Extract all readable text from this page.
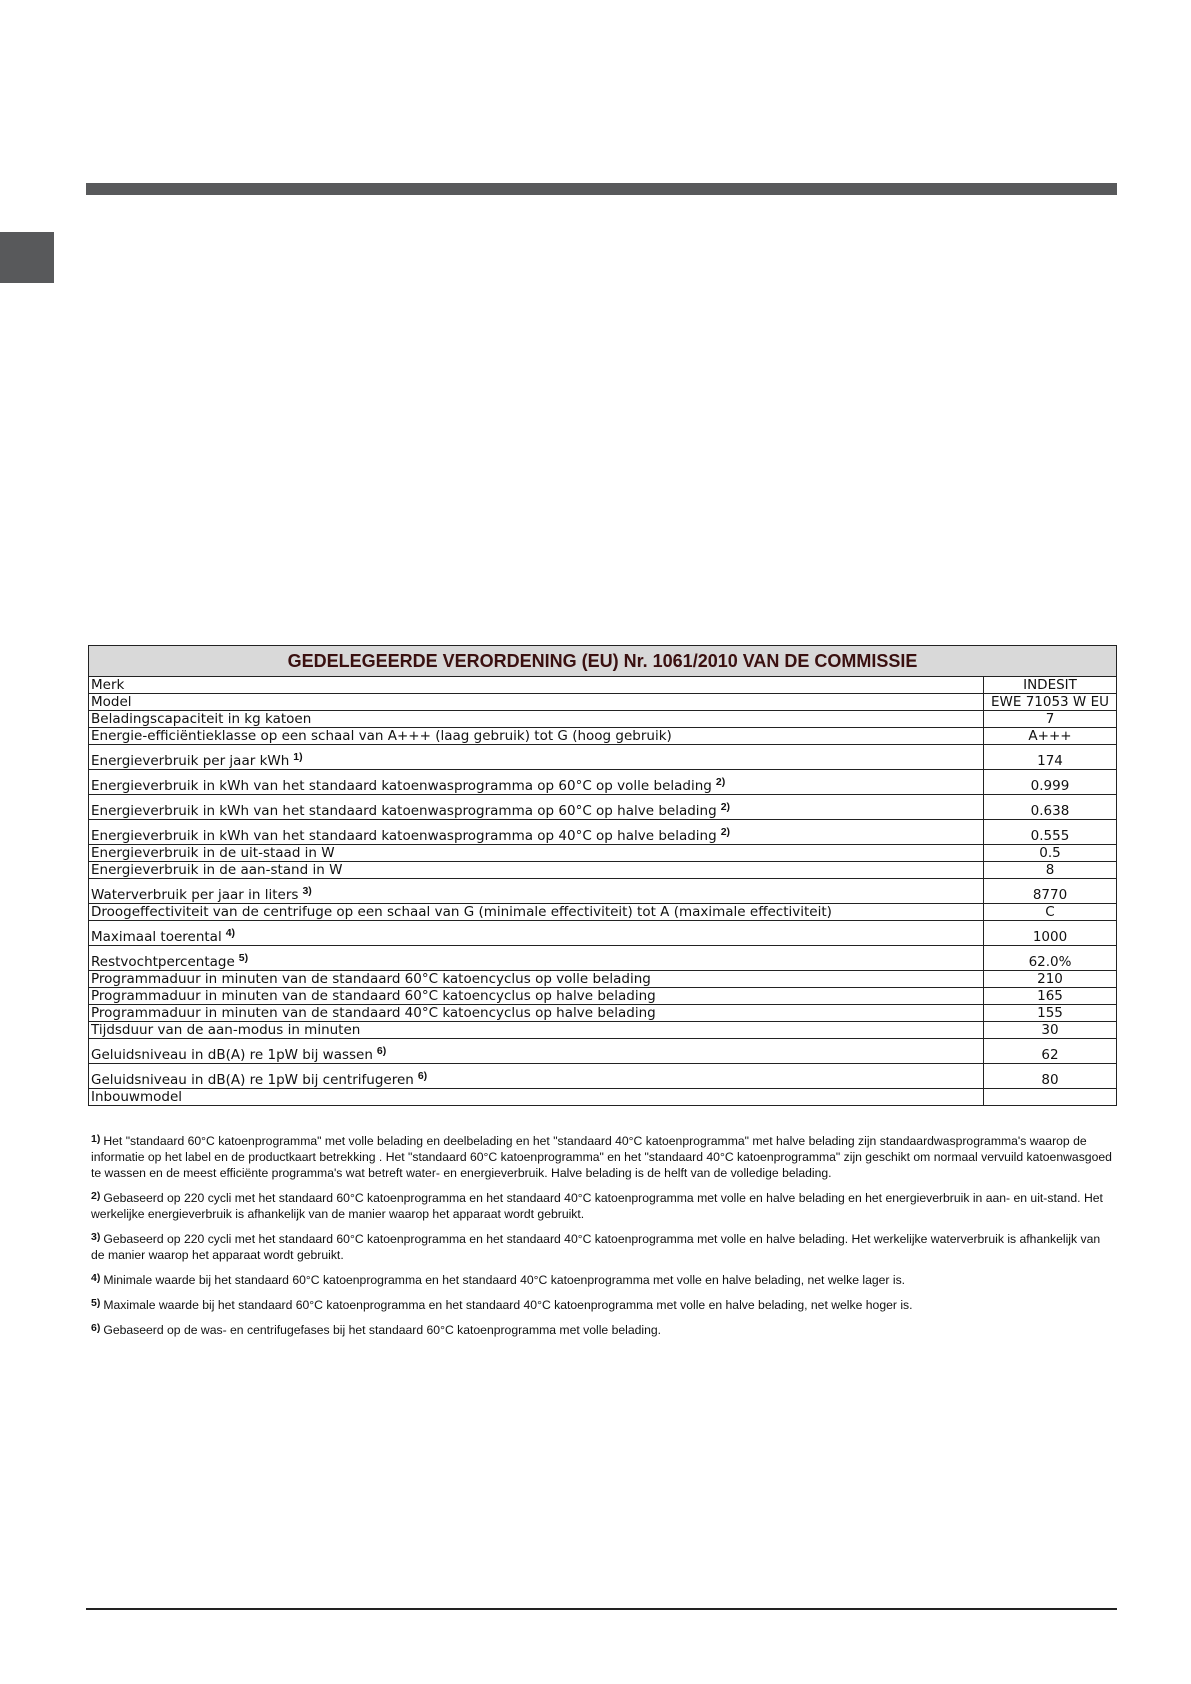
GEDELEGEERDE VERORDENING (EU) Nr. 1061/2010 VAN DE COMMISSIE	
Merk	INDESIT
Model	EWE 71053 W EU
Beladingscapaciteit in kg katoen	7
Energie-efficiëntieklasse op een schaal van A+++ (laag gebruik) tot G (hoog gebruik)	A+++
Energieverbruik per jaar kWh $^{1)}$	174
Energieverbruik in kWh van het standaard katoenwasprogramma op 60°C op volle belading $^{2)}$	0.999
Energieverbruik in kWh van het standaard katoenwasprogramma op 60°C op halve belading $^{2)}$	0.638
Energieverbruik in kWh van het standaard katoenwasprogramma op 40°C op halve belading $^{2)}$	0.555
Energieverbruik in de uit-staad in W	0.5
Energieverbruik in de aan-stand in W	8
Waterverbruik per jaar in liters $^{3)}$	8770
Droogeffectiviteit van de centrifuge op een schaal van G (minimale effectiviteit) tot A (maximale effectiviteit)	C
Maximaal toerental $^{4)}$	1000
Restvochtpercentage $^{5)}$	62.0%
Programmaduur in minuten van de standaard 60°C katoencyclus op volle belading	210
Programmaduur in minuten van de standaard 60°C katoencyclus op halve belading	165
Programmaduur in minuten van de standaard 40°C katoencyclus op halve belading	155
Tijdsduur van de aan-modus in minuten	30
Geluidsniveau in dB(A) re 1pW bij wassen $^{6)}$	62
Geluidsniveau in dB(A) re 1pW bij centrifugeren $^{6)}$	80
Inbouwmodel	
1) Het "standaard 60°C katoenprogramma" met volle belading en deelbelading en het "standaard 40°C katoenprogramma" met halve belading zijn standaardwasprogramma's waarop de informatie op het label en de productkaart betrekking . Het "standaard 60°C katoenprogramma" en het "standaard 40°C katoenprogramma" zijn geschikt om normaal vervuild katoenwasgoed te wassen en de meest efficiënte programma's wat betreft water- en energieverbruik. Halve belading is de helft van de volledige belading.
2) Gebaseerd op 220 cycli met het standaard 60°C katoenprogramma en het standaard 40°C katoenprogramma met volle en halve belading en het energieverbruik in aan- en uit-stand. Het werkelijke energieverbruik is afhankelijk van de manier waarop het apparaat wordt gebruikt.
3) Gebaseerd op 220 cycli met het standaard 60°C katoenprogramma en het standaard 40°C katoenprogramma met volle en halve belading. Het werkelijke waterverbruik is afhankelijk van de manier waarop het apparaat wordt gebruikt.
4) Minimale waarde bij het standaard 60°C katoenprogramma en het standaard 40°C katoenprogramma met volle en halve belading, net welke lager is.
5) Maximale waarde bij het standaard 60°C katoenprogramma en het standaard 40°C katoenprogramma met volle en halve belading, net welke hoger is.
6) Gebaseerd op de was- en centrifugefases bij het standaard 60°C katoenprogramma met volle belading.
